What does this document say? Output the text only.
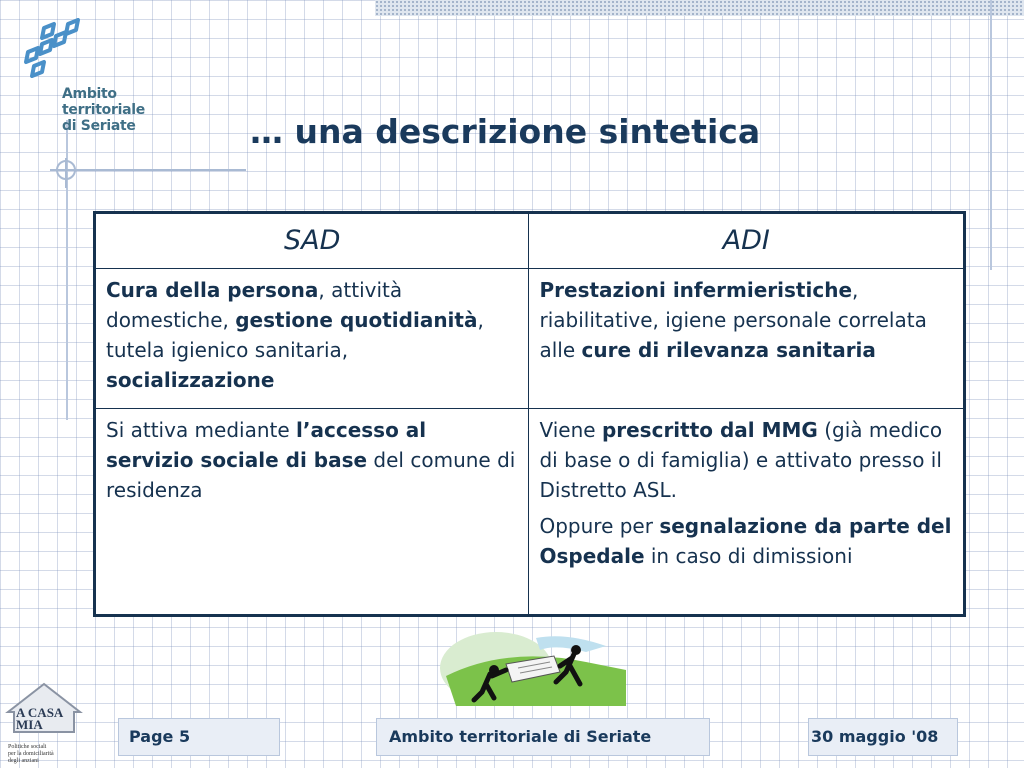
Ambito
territoriale
di Seriate	… una descrizione sintetica
SAD	ADI
Cura della persona, attività domestiche, gestione quotidianità, tutela igienico sanitaria, socializzazione	Prestazioni infermieristiche, riabilitative, igiene personale correlata alle cure di rilevanza sanitaria
Si attiva mediante l’accesso al servizio sociale di base del comune di residenza	Viene prescritto dal MMG (già medico di base o di famiglia) e attivato presso il Distretto ASL.

Oppure per segnalazione da parte del Ospedale in caso di dimissioni

A CASA
MIA
Politiche sociali
per la domiciliarità
degli anziani
Page 5	Ambito territoriale di Seriate	30 maggio '08
